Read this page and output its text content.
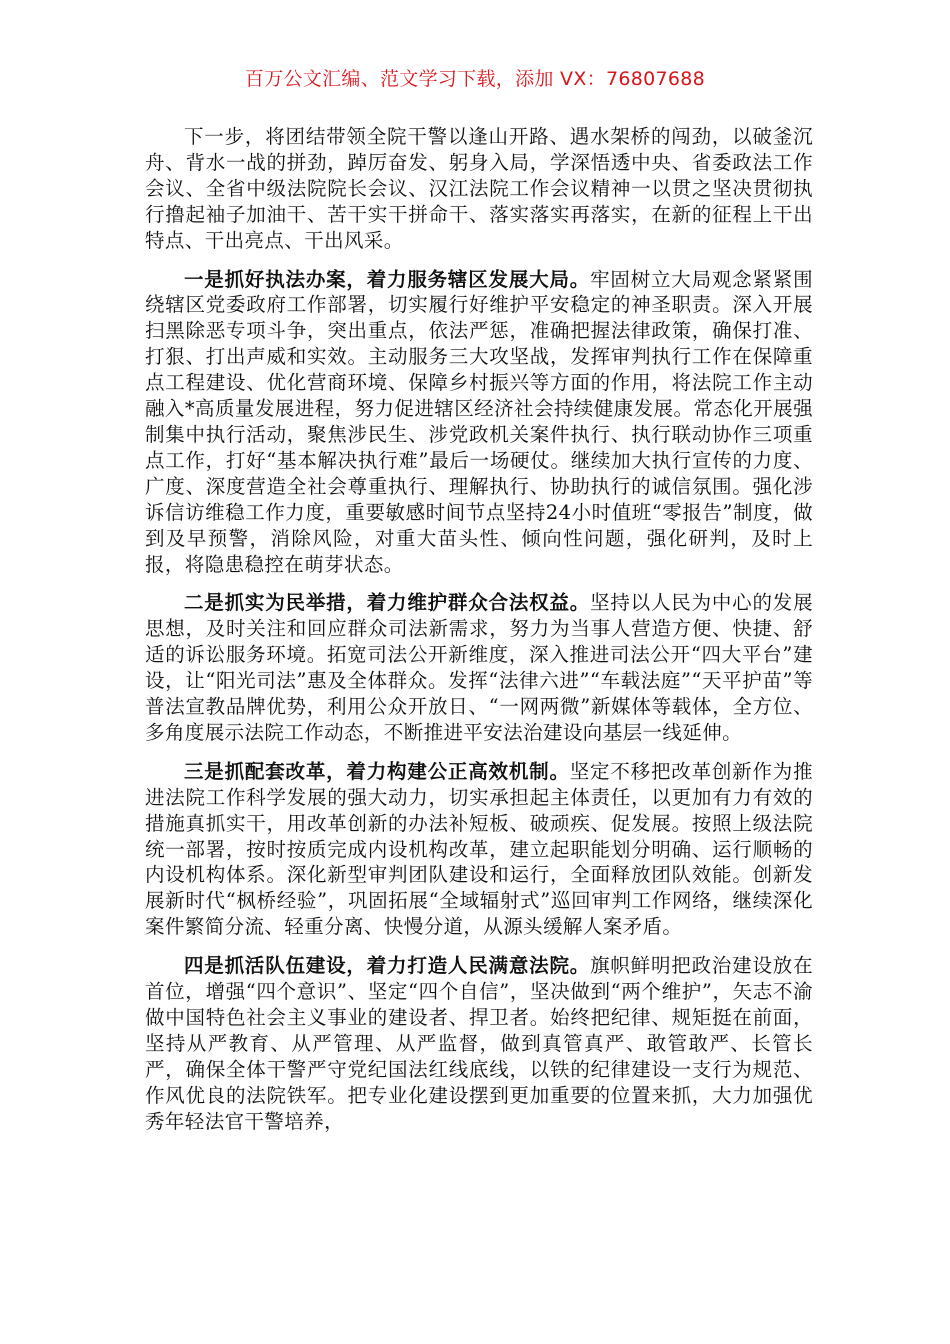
百万公文汇编、范文学习下载，添加 VX：76807688

下一步，将团结带领全院干警以逢山开路、遇水架桥的闯劲，以破釜沉舟、背水一战的拼劲，踔厉奋发、躬身入局，学深悟透中央、省委政法工作会议、全省中级法院院长会议、汉江法院工作会议精神一以贯之坚决贯彻执行撸起袖子加油干、苦干实干拼命干、落实落实再落实，在新的征程上干出特点、干出亮点、干出风采。

一是抓好执法办案，着力服务辖区发展大局。牢固树立大局观念紧紧围绕辖区党委政府工作部署，切实履行好维护平安稳定的神圣职责。深入开展扫黑除恶专项斗争，突出重点，依法严惩，准确把握法律政策，确保打准、打狠、打出声威和实效。主动服务三大攻坚战，发挥审判执行工作在保障重点工程建设、优化营商环境、保障乡村振兴等方面的作用，将法院工作主动融入*高质量发展进程，努力促进辖区经济社会持续健康发展。常态化开展强制集中执行活动，聚焦涉民生、涉党政机关案件执行、执行联动协作三项重点工作，打好“基本解决执行难”最后一场硬仗。继续加大执行宣传的力度、广度、深度营造全社会尊重执行、理解执行、协助执行的诚信氛围。强化涉诉信访维稳工作力度，重要敏感时间节点坚持24小时值班“零报告”制度，做到及早预警，消除风险，对重大苗头性、倾向性问题，强化研判，及时上报，将隐患稳控在萌芽状态。

二是抓实为民举措，着力维护群众合法权益。坚持以人民为中心的发展思想，及时关注和回应群众司法新需求，努力为当事人营造方便、快捷、舒适的诉讼服务环境。拓宽司法公开新维度，深入推进司法公开“四大平台”建设，让“阳光司法”惠及全体群众。发挥“法律六进”“车载法庭”“天平护苗”等普法宣教品牌优势，利用公众开放日、“一网两微”新媒体等载体，全方位、多角度展示法院工作动态，不断推进平安法治建设向基层一线延伸。

三是抓配套改革，着力构建公正高效机制。坚定不移把改革创新作为推进法院工作科学发展的强大动力，切实承担起主体责任，以更加有力有效的措施真抓实干，用改革创新的办法补短板、破顽疾、促发展。按照上级法院统一部署，按时按质完成内设机构改革，建立起职能划分明确、运行顺畅的内设机构体系。深化新型审判团队建设和运行，全面释放团队效能。创新发展新时代“枫桥经验”，巩固拓展“全域辐射式”巡回审判工作网络，继续深化案件繁简分流、轻重分离、快慢分道，从源头缓解人案矛盾。

四是抓活队伍建设，着力打造人民满意法院。旗帜鲜明把政治建设放在首位，增强“四个意识”、坚定“四个自信”，坚决做到“两个维护”，矢志不渝做中国特色社会主义事业的建设者、捍卫者。始终把纪律、规矩挺在前面，坚持从严教育、从严管理、从严监督，做到真管真严、敢管敢严、长管长严，确保全体干警严守党纪国法红线底线，以铁的纪律建设一支行为规范、作风优良的法院铁军。把专业化建设摆到更加重要的位置来抓，大力加强优秀年轻法官干警培养，
